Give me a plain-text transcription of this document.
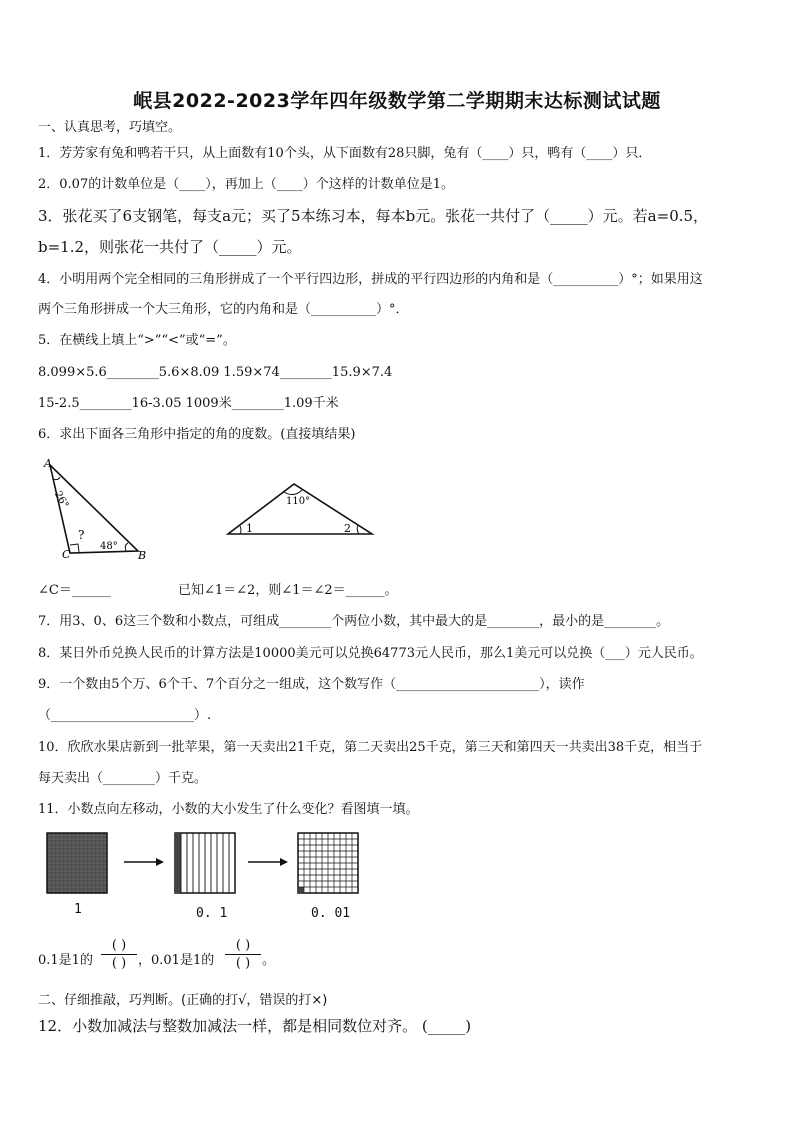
岷县2022-2023学年四年级数学第二学期期末达标测试试题
一、认真思考，巧填空。
1．芳芳家有兔和鸭若干只，从上面数有10个头，从下面数有28只脚，兔有（____）只，鸭有（____）只．
2．0.07的计数单位是（____），再加上（____）个这样的计数单位是1。
3．张花买了6支钢笔，每支a元；买了5本练习本，每本b元。张花一共付了（_____）元。若a=0.5，
b=1.2，则张花一共付了（_____）元。
4．小明用两个完全相同的三角形拼成了一个平行四边形，拼成的平行四边形的内角和是（__________）°；如果用这
两个三角形拼成一个大三角形，它的内角和是（__________）°．
5．在横线上填上“>”“<”或“=”。
8.099×5.6________5.6×8.09 1.59×74________15.9×7.4
15-2.5________16-3.05 1009米________1.09千米
6．求出下面各三角形中指定的角的度数。(直接填结果)
A
C	B
26°
48°
?
110°
1	2
∠C＝______	已知∠1＝∠2，则∠1＝∠2＝______。
7．用3、0、6这三个数和小数点，可组成________个两位小数，其中最大的是________，最小的是________。
8．某日外币兑换人民币的计算方法是10000美元可以兑换64773元人民币，那么1美元可以兑换（___）元人民币。
9．一个数由5个万、6个千、7个百分之一组成，这个数写作（______________________），读作
（______________________）.
10．欣欣水果店新到一批苹果，第一天卖出21千克，第二天卖出25千克，第三天和第四天一共卖出38千克，相当于
每天卖出（________）千克。
11．小数点向左移动，小数的大小发生了什么变化？看图填一填。
1	0. 1	0. 01
0.1是1的
( )
( ) ，0.01是1的
( )
( ) 。
二、仔细推敲，巧判断。(正确的打√，错误的打×)
12．小数加减法与整数加减法一样，都是相同数位对齐。 (_____)
